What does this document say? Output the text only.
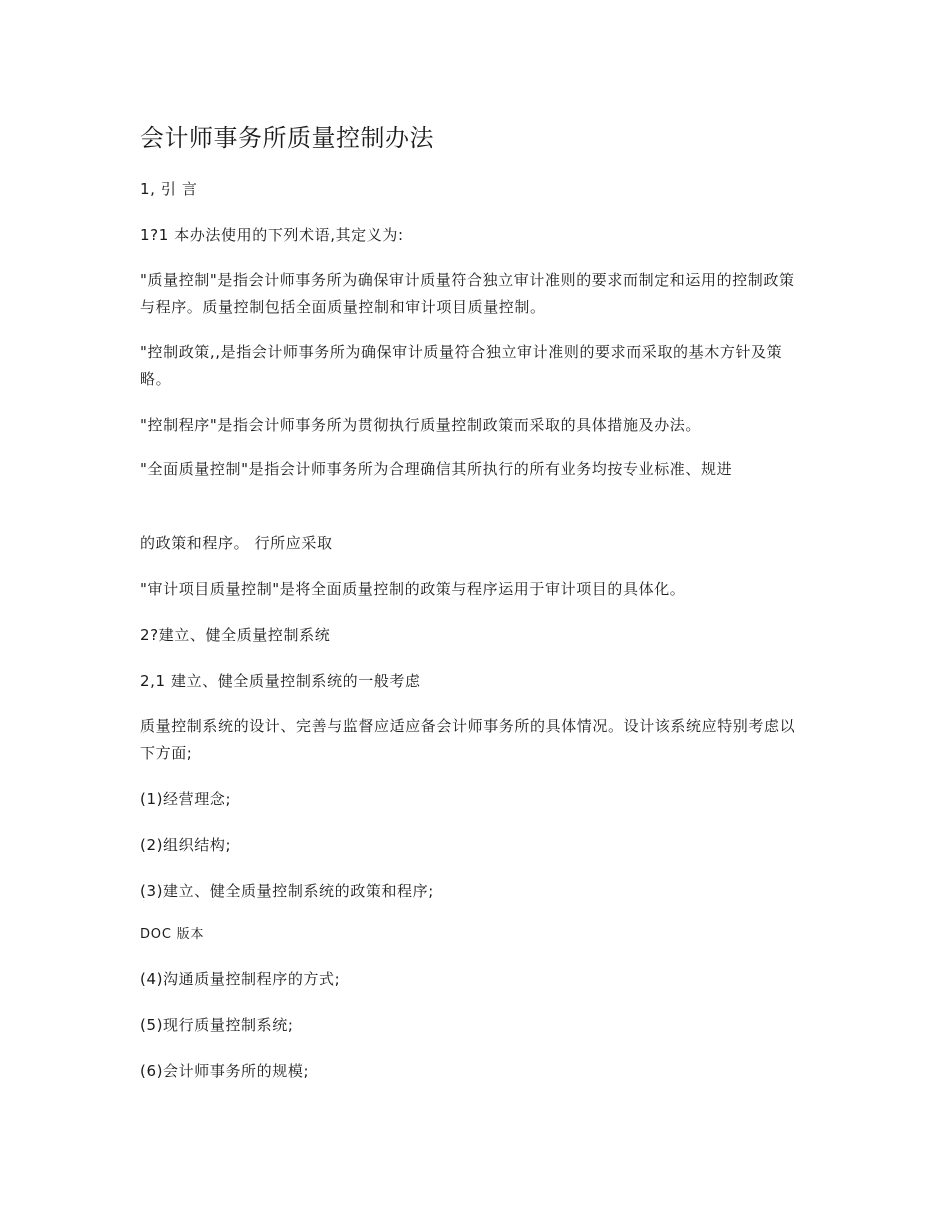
会计师事务所质量控制办法

1, 引 言

1?1 本办法使用的下列术语,其定义为:

"质量控制"是指会计师事务所为确保审计质量符合独立审计准则的要求而制定和运用的控制政策与程序。质量控制包括全面质量控制和审计项目质量控制。

"控制政策,,是指会计师事务所为确保审计质量符合独立审计准则的要求而采取的基木方针及策略。

"控制程序"是指会计师事务所为贯彻执行质量控制政策而采取的具体措施及办法。

"全面质量控制"是指会计师事务所为合理确信其所执行的所有业务均按专业标准、规进

的政策和程序。 行所应采取

"审计项目质量控制"是将全面质量控制的政策与程序运用于审计项目的具体化。

2?建立、健全质量控制系统

2,1 建立、健全质量控制系统的一般考虑

质量控制系统的设计、完善与监督应适应备会计师事务所的具体情况。设计该系统应特别考虑以下方面;

(1)经营理念;

(2)组织结构;

(3)建立、健全质量控制系统的政策和程序;

DOC 版本

(4)沟通质量控制程序的方式;

(5)现行质量控制系统;

(6)会计师事务所的规模;
